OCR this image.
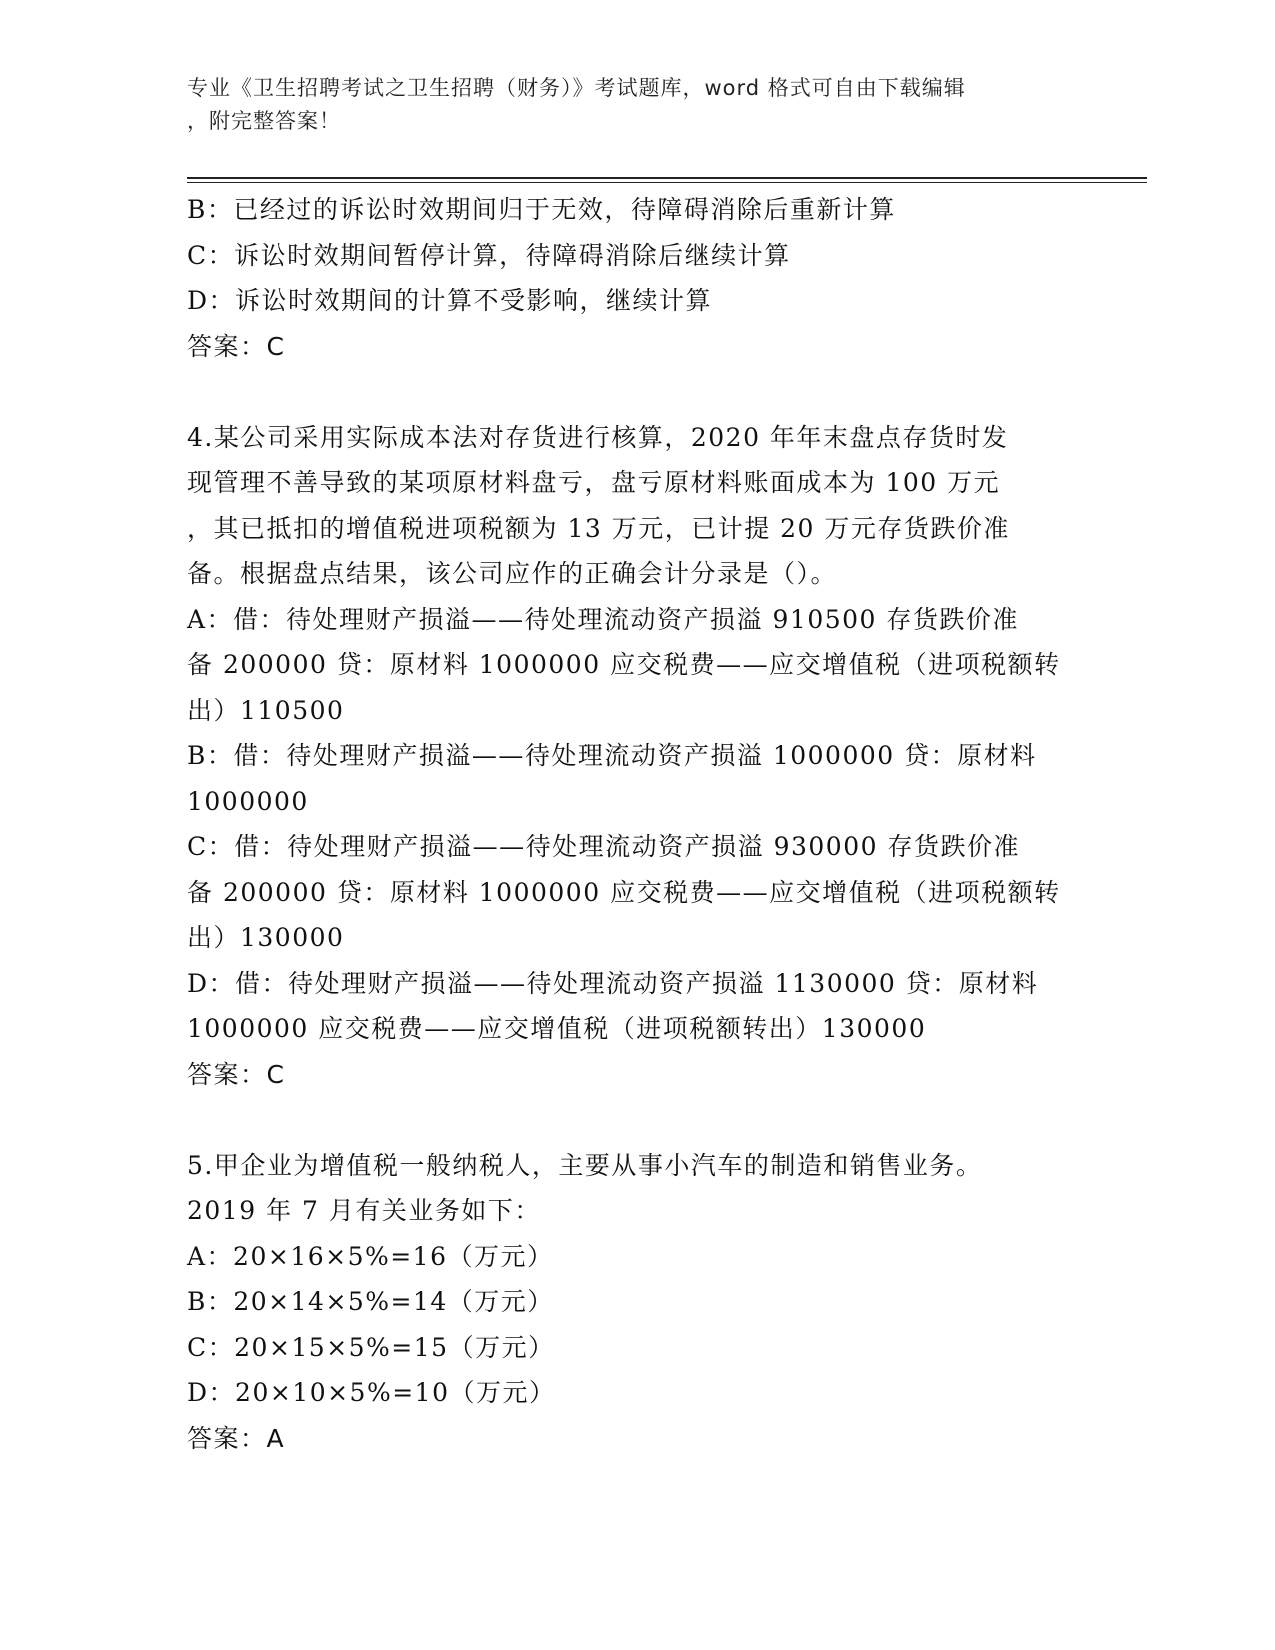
专业《卫生招聘考试之卫生招聘（财务）》考试题库，word 格式可自由下载编辑
，附完整答案！
B：已经过的诉讼时效期间归于无效，待障碍消除后重新计算
C：诉讼时效期间暂停计算，待障碍消除后继续计算
D：诉讼时效期间的计算不受影响，继续计算
答案：C
4.某公司采用实际成本法对存货进行核算，2020 年年末盘点存货时发
现管理不善导致的某项原材料盘亏，盘亏原材料账面成本为 100 万元
，其已抵扣的增值税进项税额为 13 万元，已计提 20 万元存货跌价准
备。根据盘点结果，该公司应作的正确会计分录是（）。
A：借：待处理财产损溢——待处理流动资产损溢 910500 存货跌价准
备 200000 贷：原材料 1000000 应交税费——应交增值税（进项税额转
出）110500
B：借：待处理财产损溢——待处理流动资产损溢 1000000 贷：原材料
1000000
C：借：待处理财产损溢——待处理流动资产损溢 930000 存货跌价准
备 200000 贷：原材料 1000000 应交税费——应交增值税（进项税额转
出）130000
D：借：待处理财产损溢——待处理流动资产损溢 1130000 贷：原材料
1000000 应交税费——应交增值税（进项税额转出）130000
答案：C
5.甲企业为增值税一般纳税人，主要从事小汽车的制造和销售业务。
2019 年 7 月有关业务如下：
A：20×16×5%=16（万元）
B：20×14×5%=14（万元）
C：20×15×5%=15（万元）
D：20×10×5%=10（万元）
答案：A
